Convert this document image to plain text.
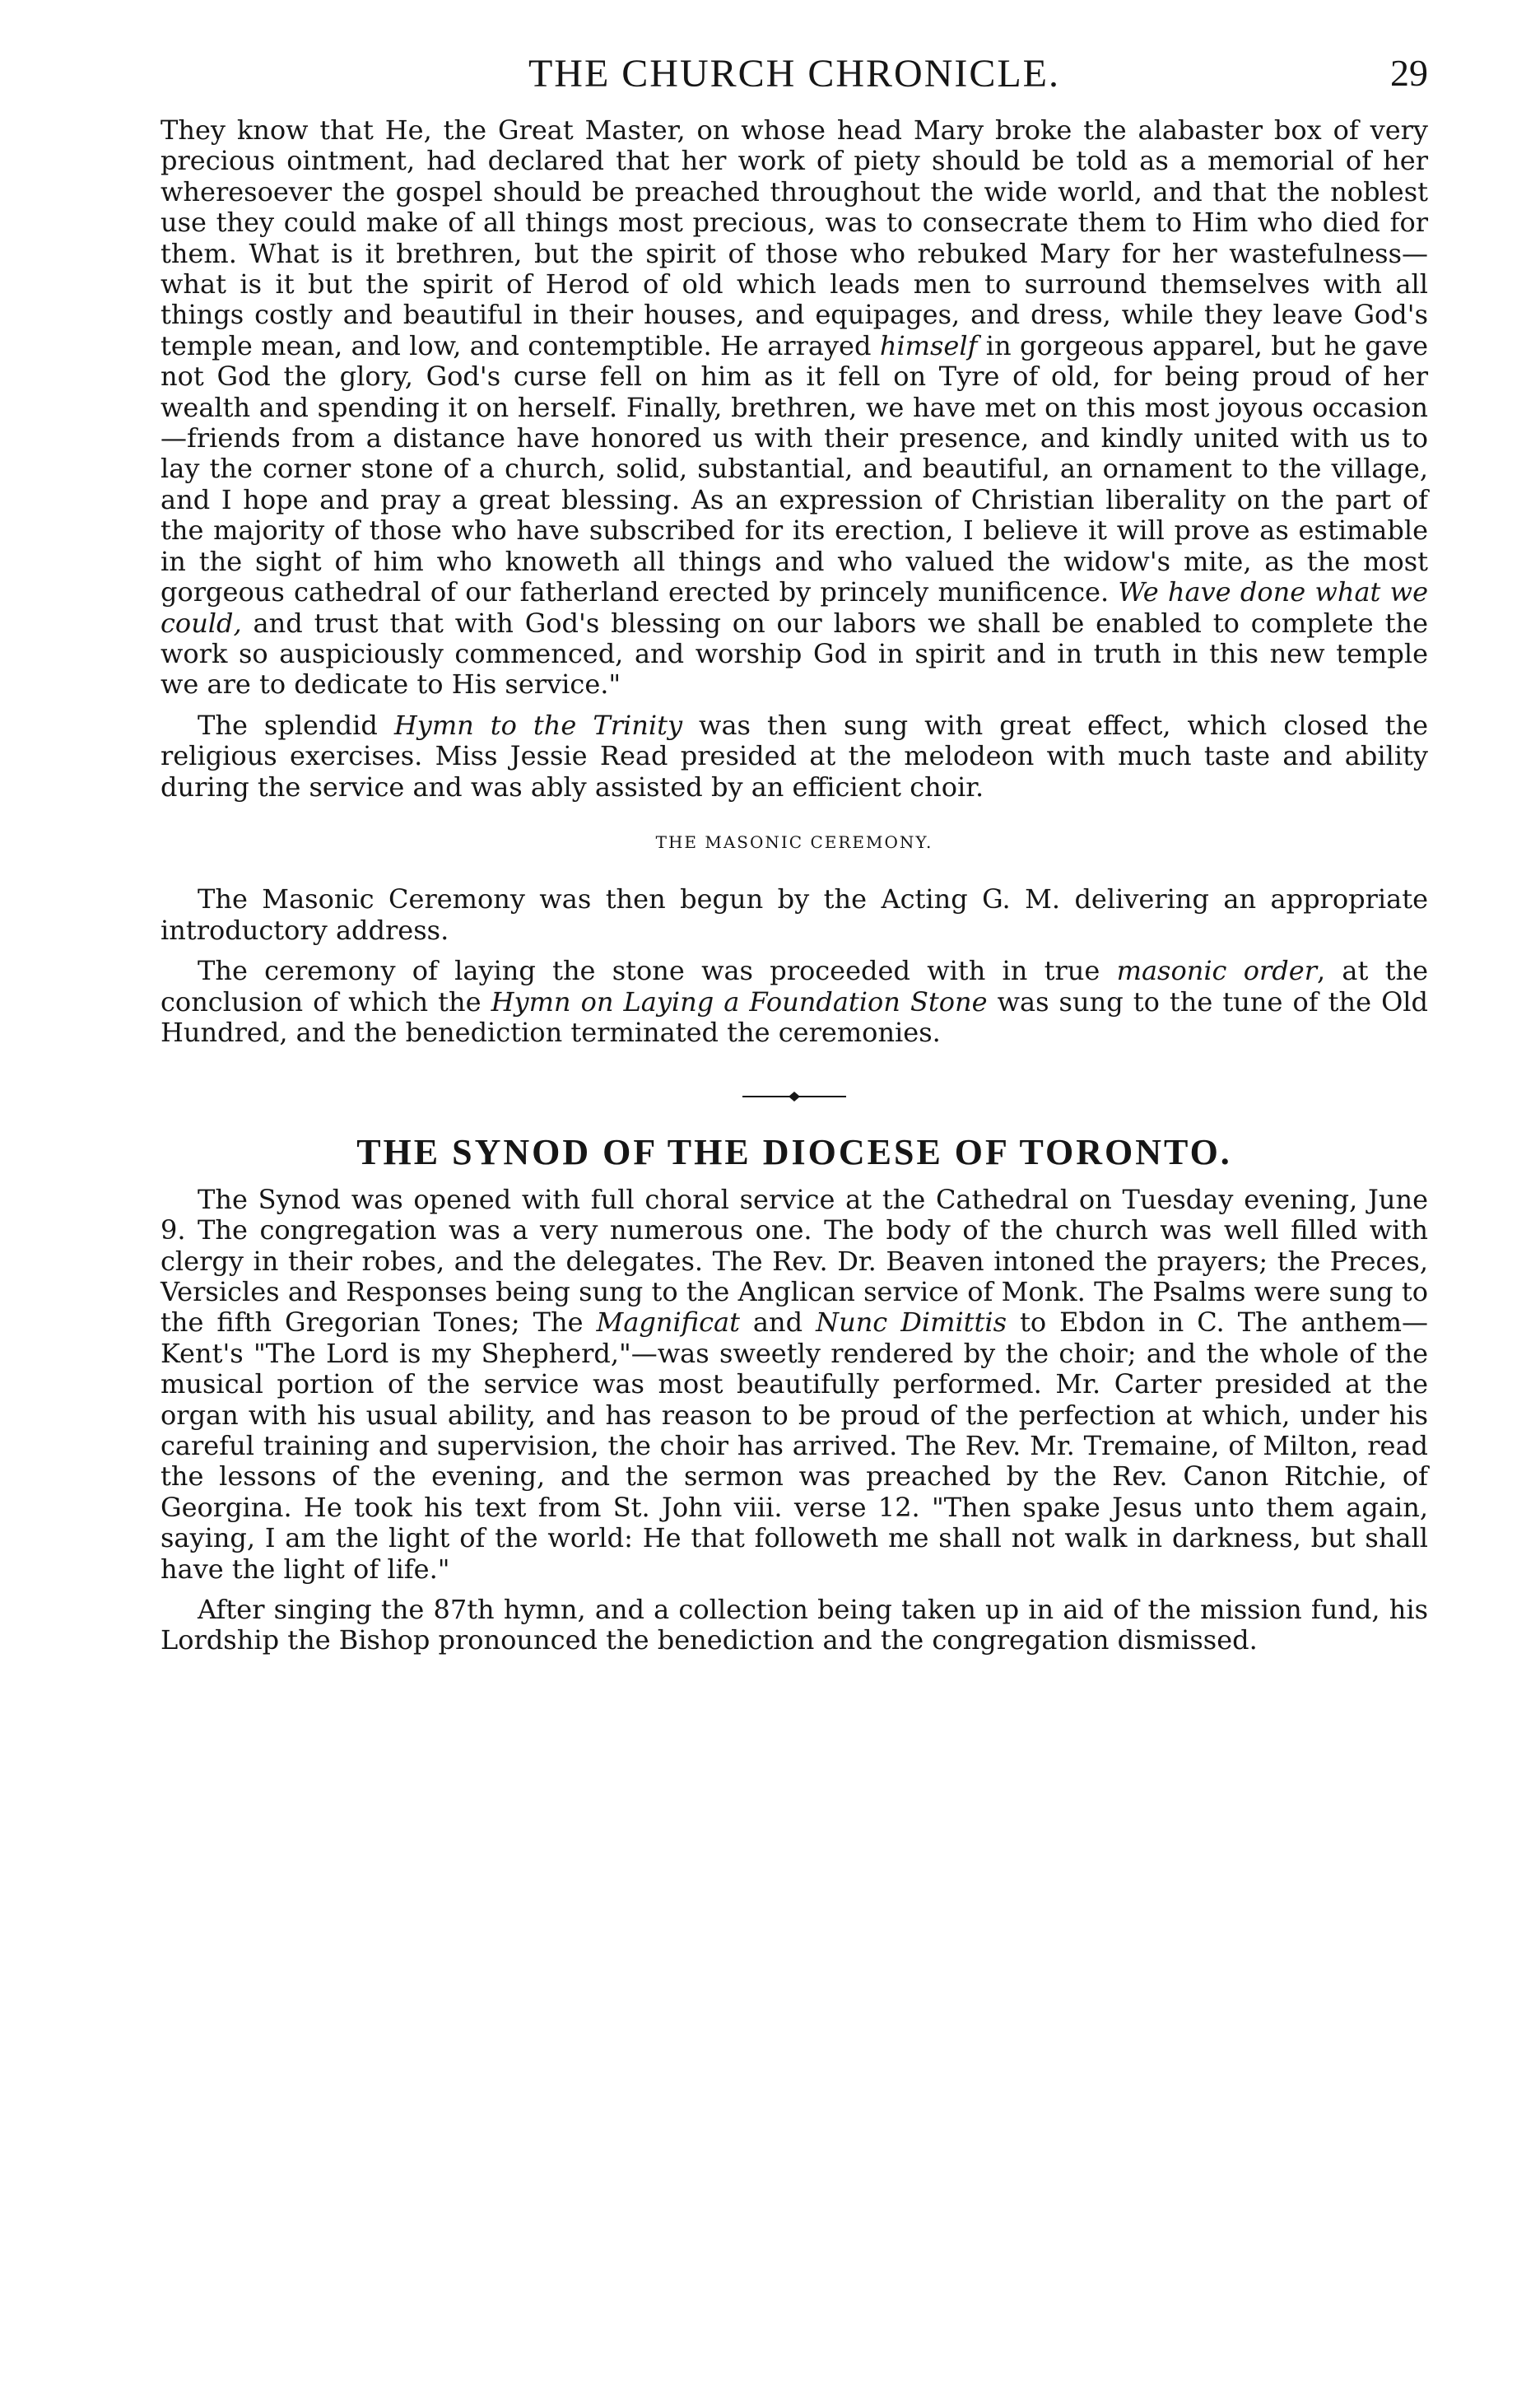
THE CHURCH CHRONICLE.	29

They know that He, the Great Master, on whose head Mary broke the alabaster box of very precious ointment, had declared that her work of piety should be told as a memorial of her wheresoever the gospel should be preached throughout the wide world, and that the noblest use they could make of all things most precious, was to consecrate them to Him who died for them. What is it brethren, but the spirit of those who rebuked Mary for her wastefulness—what is it but the spirit of Herod of old which leads men to surround themselves with all things costly and beautiful in their houses, and equipages, and dress, while they leave God's temple mean, and low, and contemptible. He arrayed himself in gorgeous apparel, but he gave not God the glory, God's curse fell on him as it fell on Tyre of old, for being proud of her wealth and spending it on herself. Finally, brethren, we have met on this most joyous occasion—friends from a distance have honored us with their presence, and kindly united with us to lay the corner stone of a church, solid, substantial, and beautiful, an ornament to the village, and I hope and pray a great blessing. As an expression of Christian liberality on the part of the majority of those who have subscribed for its erection, I believe it will prove as estimable in the sight of him who knoweth all things and who valued the widow's mite, as the most gorgeous cathedral of our fatherland erected by princely munificence. We have done what we could, and trust that with God's blessing on our labors we shall be enabled to complete the work so auspiciously commenced, and worship God in spirit and in truth in this new temple we are to dedicate to His service."

The splendid Hymn to the Trinity was then sung with great effect, which closed the religious exercises. Miss Jessie Read presided at the melodeon with much taste and ability during the service and was ably assisted by an efficient choir.

THE MASONIC CEREMONY.

The Masonic Ceremony was then begun by the Acting G. M. delivering an appropriate introductory address.

The ceremony of laying the stone was proceeded with in true masonic order, at the conclusion of which the Hymn on Laying a Foundation Stone was sung to the tune of the Old Hundred, and the benediction terminated the ceremonies.

THE SYNOD OF THE DIOCESE OF TORONTO.

The Synod was opened with full choral service at the Cathedral on Tuesday evening, June 9. The congregation was a very numerous one. The body of the church was well filled with clergy in their robes, and the delegates. The Rev. Dr. Beaven intoned the prayers; the Preces, Versicles and Responses being sung to the Anglican service of Monk. The Psalms were sung to the fifth Gregorian Tones; The Magnificat and Nunc Dimittis to Ebdon in C. The anthem—Kent's "The Lord is my Shepherd,"—was sweetly rendered by the choir; and the whole of the musical portion of the service was most beautifully performed. Mr. Carter presided at the organ with his usual ability, and has reason to be proud of the perfection at which, under his careful training and supervision, the choir has arrived. The Rev. Mr. Tremaine, of Milton, read the lessons of the evening, and the sermon was preached by the Rev. Canon Ritchie, of Georgina. He took his text from St. John viii. verse 12. "Then spake Jesus unto them again, saying, I am the light of the world: He that followeth me shall not walk in darkness, but shall have the light of life."

After singing the 87th hymn, and a collection being taken up in aid of the mission fund, his Lordship the Bishop pronounced the benediction and the congregation dismissed.
